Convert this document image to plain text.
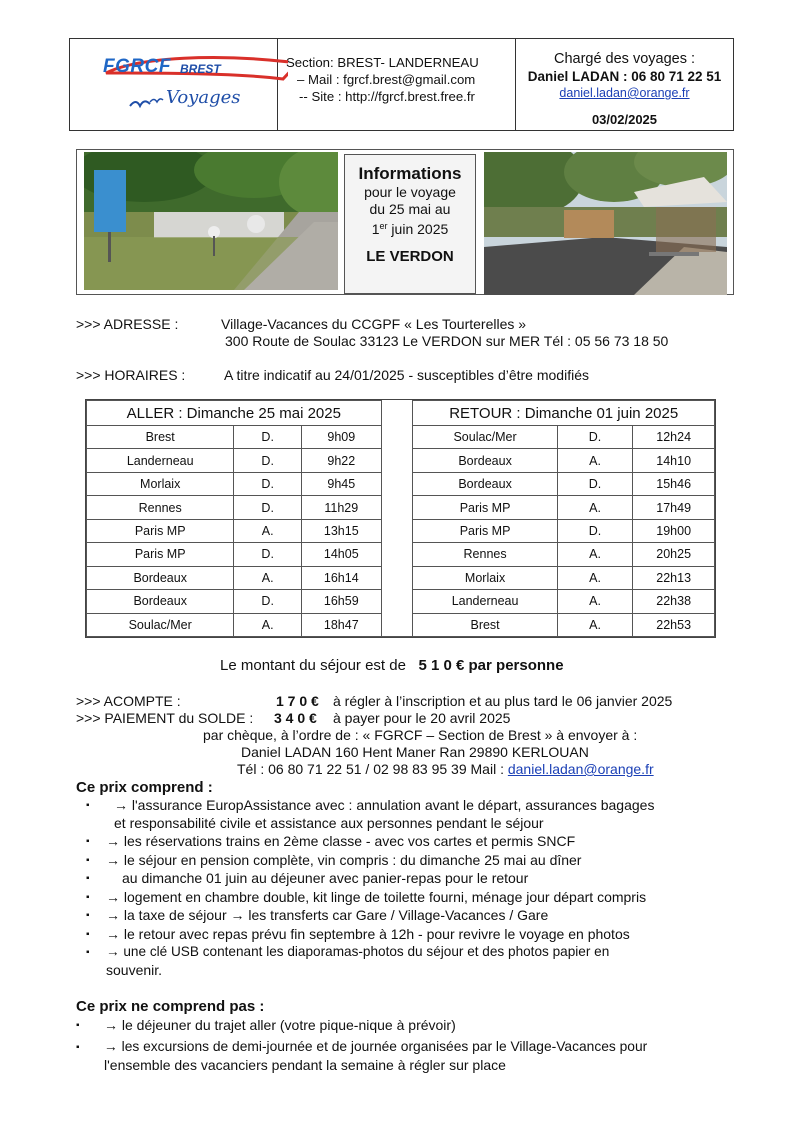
FGRCF BREST
Voyages
Section: BREST- LANDERNEAU
– Mail : fgrcf.brest@gmail.com
-- Site : http://fgrcf.brest.free.fr
Chargé des voyages :
Daniel LADAN : 06 80 71 22 51
daniel.ladan@orange.fr
03/02/2025
Informations
pour le voyage
du 25 mai au
1er juin 2025
LE VERDON
>>> ADRESSE :	Village-Vacances du CCGPF « Les Tourterelles »
300 Route de Soulac 33123 Le VERDON sur MER Tél : 05 56 73 18 50
>>> HORAIRES :	A titre indicatif au 24/01/2025 - susceptibles d’être modifiés
ALLER : Dimanche 25 mai 2025				RETOUR : Dimanche 01 juin 2025		
Brest	D.	9h09		Soulac/Mer	D.	12h24
Landerneau	D.	9h22		Bordeaux	A.	14h10
Morlaix	D.	9h45		Bordeaux	D.	15h46
Rennes	D.	11h29		Paris MP	A.	17h49
Paris MP	A.	13h15		Paris MP	D.	19h00
Paris MP	D.	14h05		Rennes	A.	20h25
Bordeaux	A.	16h14		Morlaix	A.	22h13
Bordeaux	D.	16h59		Landerneau	A.	22h38
Soulac/Mer	A.	18h47		Brest	A.	22h53
Le montant du séjour est de 5 1 0 € par personne
>>> ACOMPTE :	1 7 0 € à régler à l’inscription et au plus tard le 06 janvier 2025
>>> PAIEMENT du SOLDE : 3 4 0 € à payer pour le 20 avril 2025
par chèque, à l’ordre de : « FGRCF – Section de Brest » à envoyer à :
Daniel LADAN 160 Hent Maner Ran 29890 KERLOUAN
Tél : 06 80 71 22 51 / 02 98 83 95 39 Mail : daniel.ladan@orange.fr
Ce prix comprend :
▪ → l'assurance EuropAssistance avec : annulation avant le départ, assurances bagages
et responsabilité civile et assistance aux personnes pendant le séjour
▪ → les réservations trains en 2ème classe - avec vos cartes et permis SNCF
▪ → le séjour en pension complète, vin compris : du dimanche 25 mai au dîner
▪ au dimanche 01 juin au déjeuner avec panier-repas pour le retour
▪ → logement en chambre double, kit linge de toilette fourni, ménage jour départ compris
▪ → la taxe de séjour → les transferts car Gare / Village-Vacances / Gare
▪ → le retour avec repas prévu fin septembre à 12h - pour revivre le voyage en photos
▪ → une clé USB contenant les diaporamas-photos du séjour et des photos papier en
souvenir.
Ce prix ne comprend pas :
▪ → le déjeuner du trajet aller (votre pique-nique à prévoir)
▪ → les excursions de demi-journée et de journée organisées par le Village-Vacances pour
l'ensemble des vacanciers pendant la semaine à régler sur place
